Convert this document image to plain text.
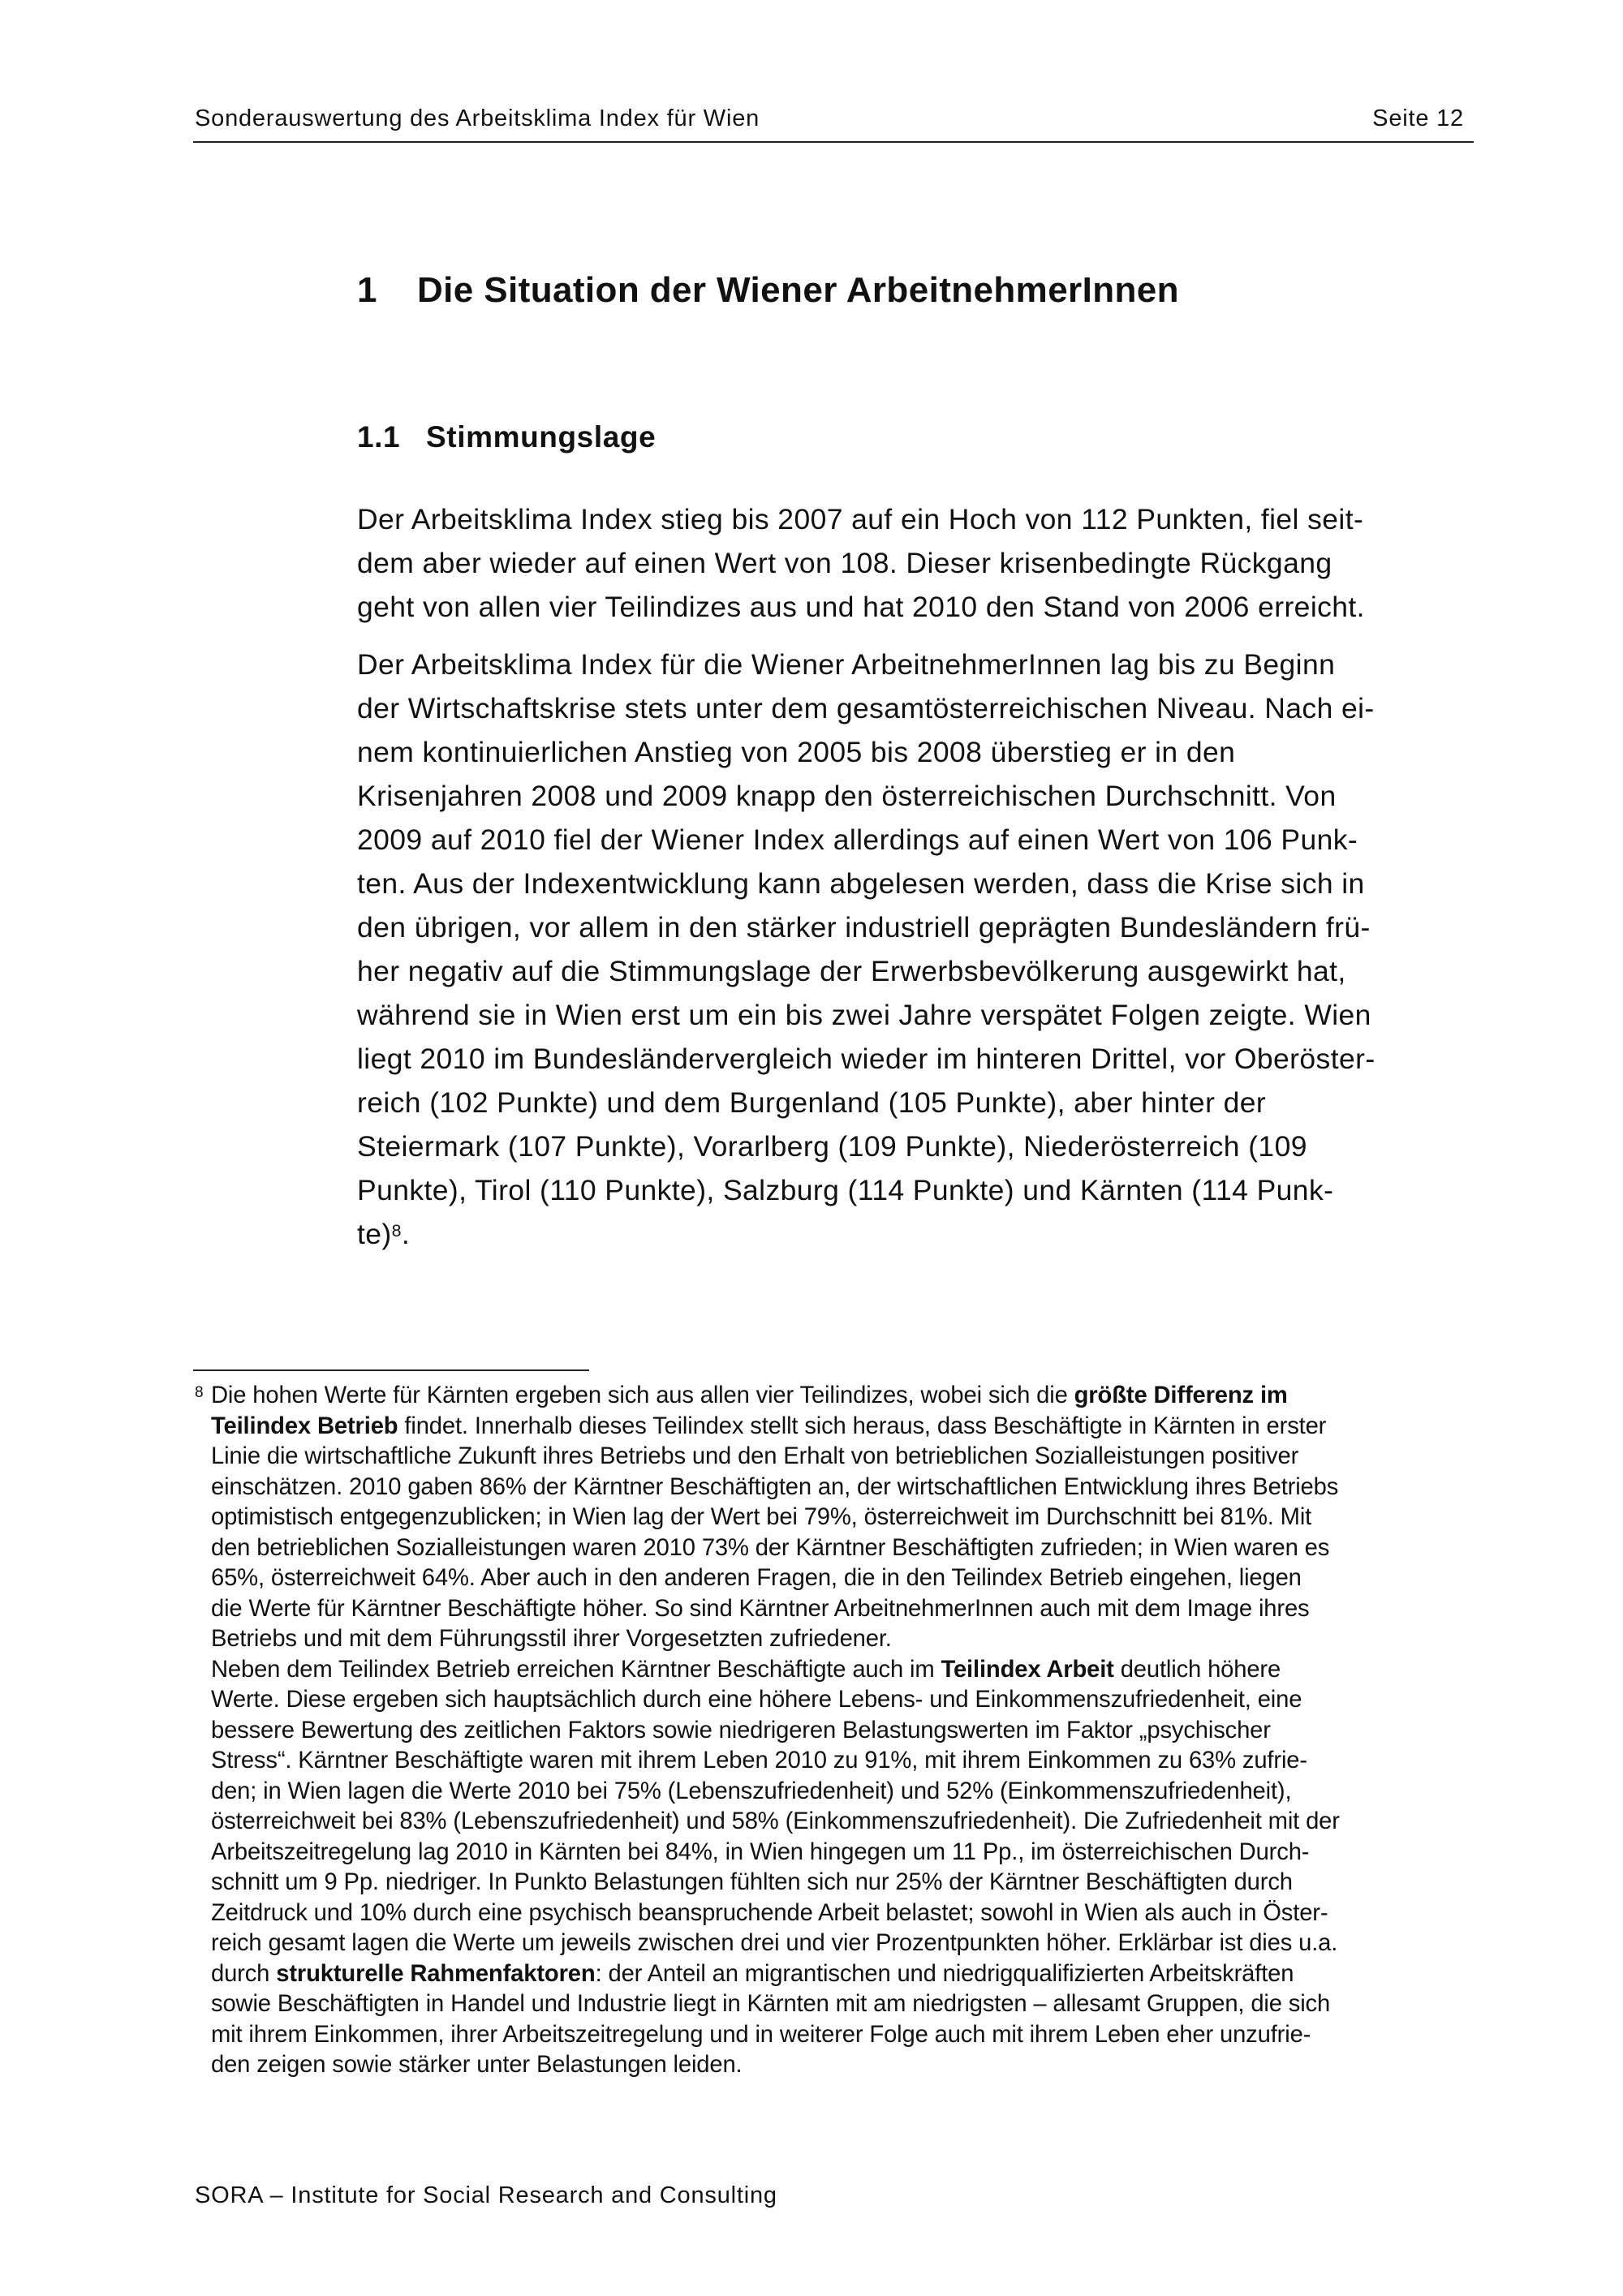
Sonderauswertung des Arbeitsklima Index für Wien	Seite 12
1 Die Situation der Wiener ArbeitnehmerInnen
1.1 Stimmungslage
Der Arbeitsklima Index stieg bis 2007 auf ein Hoch von 112 Punkten, fiel seit-
dem aber wieder auf einen Wert von 108. Dieser krisenbedingte Rückgang
geht von allen vier Teilindizes aus und hat 2010 den Stand von 2006 erreicht.
Der Arbeitsklima Index für die Wiener ArbeitnehmerInnen lag bis zu Beginn
der Wirtschaftskrise stets unter dem gesamtösterreichischen Niveau. Nach ei-
nem kontinuierlichen Anstieg von 2005 bis 2008 überstieg er in den
Krisenjahren 2008 und 2009 knapp den österreichischen Durchschnitt. Von
2009 auf 2010 fiel der Wiener Index allerdings auf einen Wert von 106 Punk-
ten. Aus der Indexentwicklung kann abgelesen werden, dass die Krise sich in
den übrigen, vor allem in den stärker industriell geprägten Bundesländern frü-
her negativ auf die Stimmungslage der Erwerbsbevölkerung ausgewirkt hat,
während sie in Wien erst um ein bis zwei Jahre verspätet Folgen zeigte. Wien
liegt 2010 im Bundesländervergleich wieder im hinteren Drittel, vor Oberöster-
reich (102 Punkte) und dem Burgenland (105 Punkte), aber hinter der
Steiermark (107 Punkte), Vorarlberg (109 Punkte), Niederösterreich (109
Punkte), Tirol (110 Punkte), Salzburg (114 Punkte) und Kärnten (114 Punk-
te)$^8$.
8 Die hohen Werte für Kärnten ergeben sich aus allen vier Teilindizes, wobei sich die größte Differenz im
Teilindex Betrieb findet. Innerhalb dieses Teilindex stellt sich heraus, dass Beschäftigte in Kärnten in erster
Linie die wirtschaftliche Zukunft ihres Betriebs und den Erhalt von betrieblichen Sozialleistungen positiver
einschätzen. 2010 gaben 86% der Kärntner Beschäftigten an, der wirtschaftlichen Entwicklung ihres Betriebs
optimistisch entgegenzublicken; in Wien lag der Wert bei 79%, österreichweit im Durchschnitt bei 81%. Mit
den betrieblichen Sozialleistungen waren 2010 73% der Kärntner Beschäftigten zufrieden; in Wien waren es
65%, österreichweit 64%. Aber auch in den anderen Fragen, die in den Teilindex Betrieb eingehen, liegen
die Werte für Kärntner Beschäftigte höher. So sind Kärntner ArbeitnehmerInnen auch mit dem Image ihres
Betriebs und mit dem Führungsstil ihrer Vorgesetzten zufriedener.
Neben dem Teilindex Betrieb erreichen Kärntner Beschäftigte auch im Teilindex Arbeit deutlich höhere
Werte. Diese ergeben sich hauptsächlich durch eine höhere Lebens- und Einkommenszufriedenheit, eine
bessere Bewertung des zeitlichen Faktors sowie niedrigeren Belastungswerten im Faktor „psychischer
Stress“. Kärntner Beschäftigte waren mit ihrem Leben 2010 zu 91%, mit ihrem Einkommen zu 63% zufrie-
den; in Wien lagen die Werte 2010 bei 75% (Lebenszufriedenheit) und 52% (Einkommenszufriedenheit),
österreichweit bei 83% (Lebenszufriedenheit) und 58% (Einkommenszufriedenheit). Die Zufriedenheit mit der
Arbeitszeitregelung lag 2010 in Kärnten bei 84%, in Wien hingegen um 11 Pp., im österreichischen Durch-
schnitt um 9 Pp. niedriger. In Punkto Belastungen fühlten sich nur 25% der Kärntner Beschäftigten durch
Zeitdruck und 10% durch eine psychisch beanspruchende Arbeit belastet; sowohl in Wien als auch in Öster-
reich gesamt lagen die Werte um jeweils zwischen drei und vier Prozentpunkten höher. Erklärbar ist dies u.a.
durch strukturelle Rahmenfaktoren: der Anteil an migrantischen und niedrigqualifizierten Arbeitskräften
sowie Beschäftigten in Handel und Industrie liegt in Kärnten mit am niedrigsten – allesamt Gruppen, die sich
mit ihrem Einkommen, ihrer Arbeitszeitregelung und in weiterer Folge auch mit ihrem Leben eher unzufrie-
den zeigen sowie stärker unter Belastungen leiden.
SORA – Institute for Social Research and Consulting
